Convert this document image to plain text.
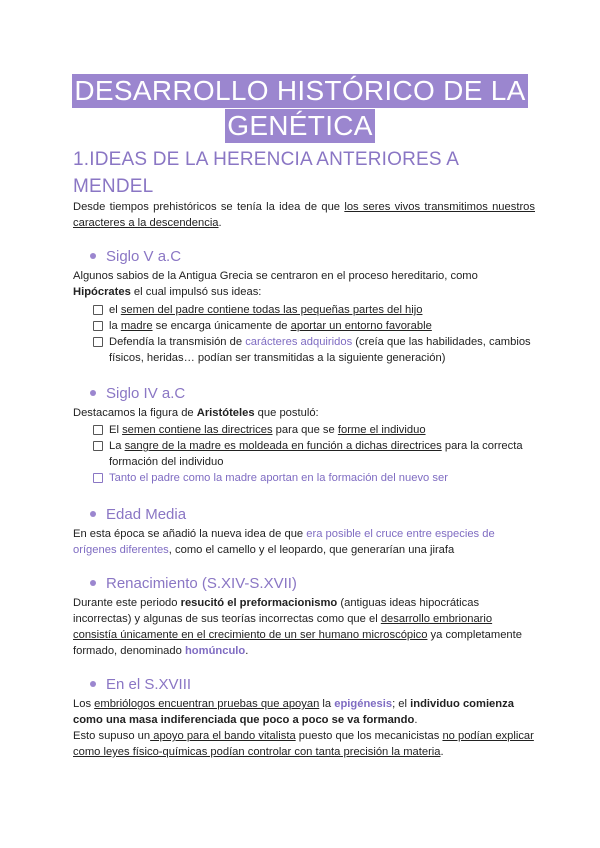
DESARROLLO HISTÓRICO DE LA
GENÉTICA
1.IDEAS DE LA HERENCIA ANTERIORES A
MENDEL
Desde tiempos prehistóricos se tenía la idea de que los seres vivos transmitimos nuestros caracteres a la descendencia.
Siglo V a.C
Algunos sabios de la Antigua Grecia se centraron en el proceso hereditario, como Hipócrates el cual impulsó sus ideas:
el semen del padre contiene todas las pequeñas partes del hijo
la madre se encarga únicamente de aportar un entorno favorable
Defendía la transmisión de carácteres adquiridos (creía que las habilidades, cambios físicos, heridas… podían ser transmitidas a la siguiente generación)
Siglo IV a.C
Destacamos la figura de Aristóteles que postuló:
El semen contiene las directrices para que se forme el individuo
La sangre de la madre es moldeada en función a dichas directrices para la correcta formación del individuo
Tanto el padre como la madre aportan en la formación del nuevo ser
Edad Media
En esta época se añadió la nueva idea de que era posible el cruce entre especies de orígenes diferentes, como el camello y el leopardo, que generarían una jirafa
Renacimiento (S.XIV-S.XVII)
Durante este periodo resucitó el preformacionismo (antiguas ideas hipocráticas incorrectas) y algunas de sus teorías incorrectas como que el desarrollo embrionario consistía únicamente en el crecimiento de un ser humano microscópico ya completamente formado, denominado homúnculo.
En el S.XVIII
Los embriólogos encuentran pruebas que apoyan la epigénesis; el individuo comienza como una masa indiferenciada que poco a poco se va formando.
Esto supuso un apoyo para el bando vitalista puesto que los mecanicistas no podían explicar como leyes físico-químicas podían controlar con tanta precisión la materia.
